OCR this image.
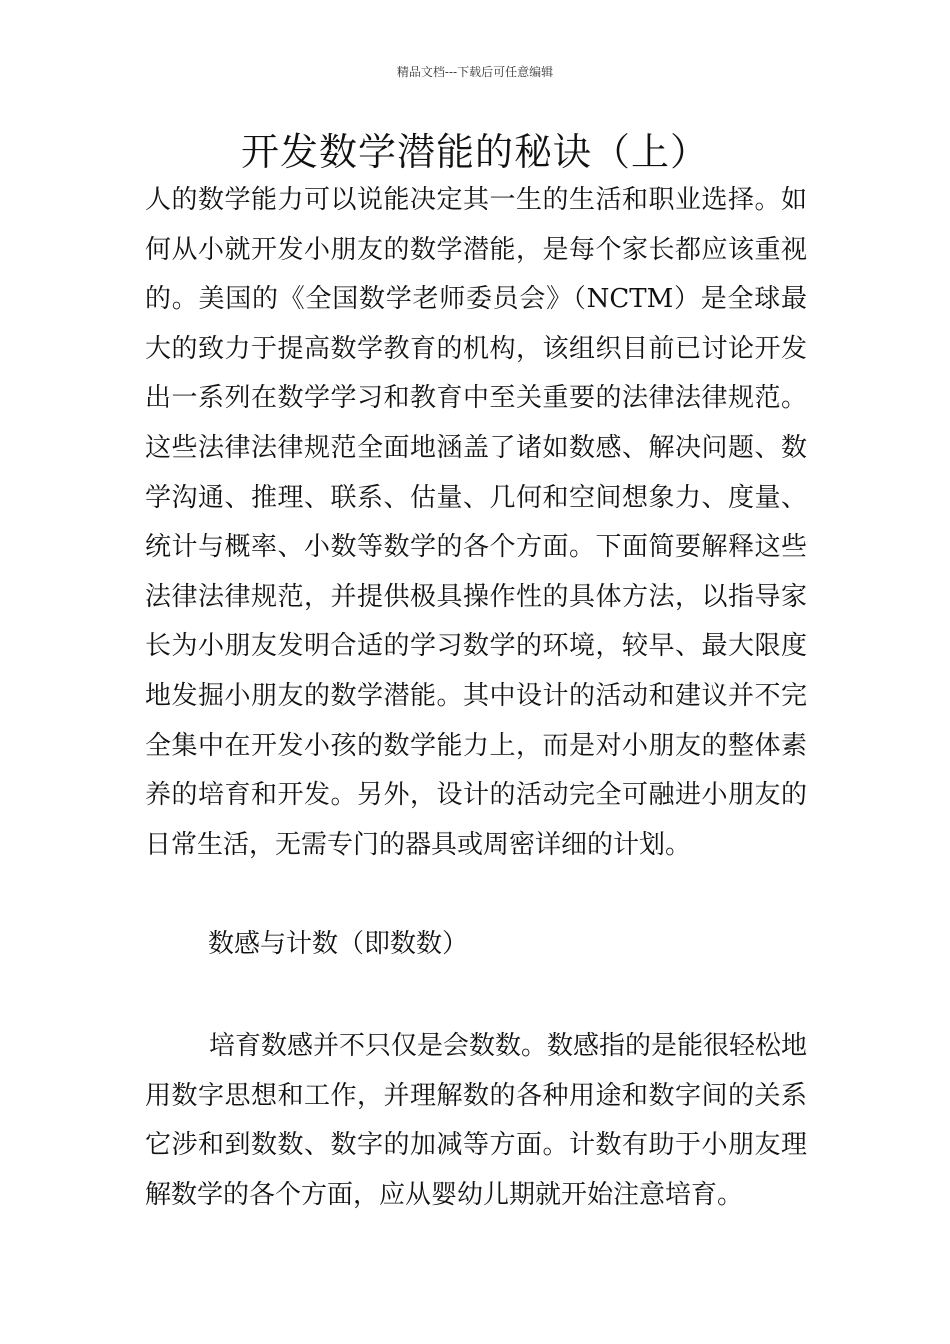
精品文档---下载后可任意编辑
开发数学潜能的秘诀（上）

人的数学能力可以说能决定其一生的生活和职业选择。如何从小就开发小朋友的数学潜能，是每个家长都应该重视的。美国的《全国数学老师委员会》（NCTM）是全球最大的致力于提高数学教育的机构，该组织目前已讨论开发出一系列在数学学习和教育中至关重要的法律法律规范。这些法律法律规范全面地涵盖了诸如数感、解决问题、数学沟通、推理、联系、估量、几何和空间想象力、度量、统计与概率、小数等数学的各个方面。下面简要解释这些法律法律规范，并提供极具操作性的具体方法，以指导家长为小朋友发明合适的学习数学的环境，较早、最大限度地发掘小朋友的数学潜能。其中设计的活动和建议并不完全集中在开发小孩的数学能力上，而是对小朋友的整体素养的培育和开发。另外，设计的活动完全可融进小朋友的日常生活，无需专门的器具或周密详细的计划。

数感与计数（即数数）

培育数感并不只仅是会数数。数感指的是能很轻松地用数字思想和工作，并理解数的各种用途和数字间的关系它涉和到数数、数字的加减等方面。计数有助于小朋友理解数学的各个方面，应从婴幼儿期就开始注意培育。
